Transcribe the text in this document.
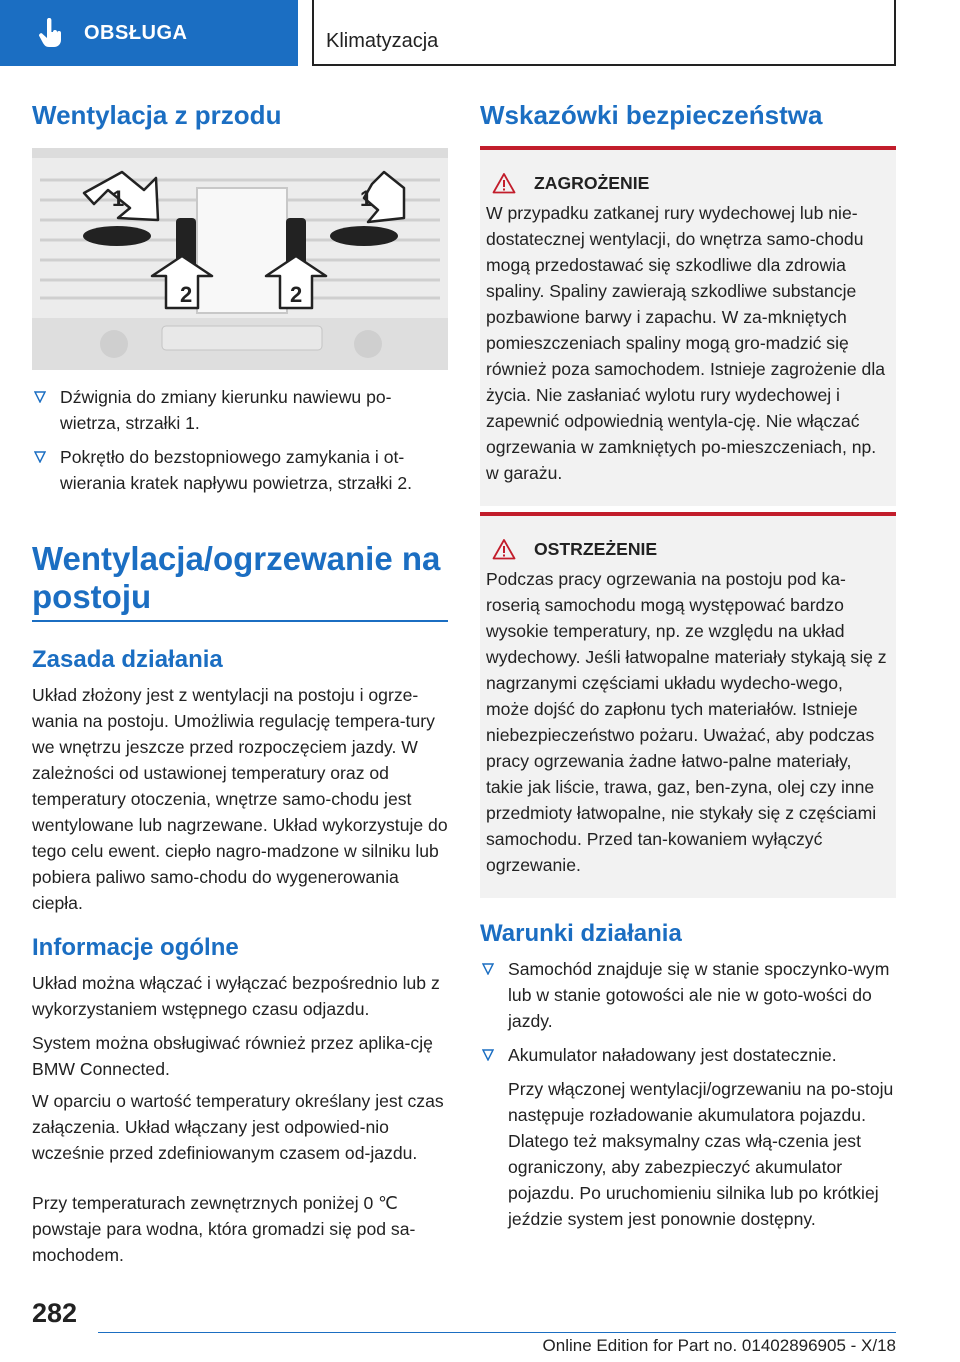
OBSŁUGA	Klimatyzacja
Wentylacja z przodu
1	1
2	2
Dźwignia do zmiany kierunku nawiewu po-wietrza, strzałki 1.
Pokrętło do bezstopniowego zamykania i ot-wierania kratek napływu powietrza, strzałki 2.
Wentylacja/ogrzewanie na postoju
Zasada działania

Układ złożony jest z wentylacji na postoju i ogrze-wania na postoju. Umożliwia regulację tempera-tury we wnętrzu jeszcze przed rozpoczęciem jazdy. W zależności od ustawionej temperatury oraz od temperatury otoczenia, wnętrze samo-chodu jest wentylowane lub nagrzewane. Układ wykorzystuje do tego celu ewent. ciepło nagro-madzone w silniku lub pobiera paliwo samo-chodu do wygenerowania ciepła.

Informacje ogólne

Układ można włączać i wyłączać bezpośrednio lub z wykorzystaniem wstępnego czasu odjazdu.

System można obsługiwać również przez aplika-cję BMW Connected.

W oparciu o wartość temperatury określany jest czas załączenia. Układ włączany jest odpowied-nio wcześnie przed zdefiniowanym czasem od-jazdu.

Przy temperaturach zewnętrznych poniżej 0 ℃ powstaje para wodna, która gromadzi się pod sa-mochodem.

Wskazówki bezpieczeństwa
ZAGROŻENIE

W przypadku zatkanej rury wydechowej lub nie-dostatecznej wentylacji, do wnętrza samo-chodu mogą przedostawać się szkodliwe dla zdrowia spaliny. Spaliny zawierają szkodliwe substancje pozbawione barwy i zapachu. W za-mkniętych pomieszczeniach spaliny mogą gro-madzić się również poza samochodem. Istnieje zagrożenie dla życia. Nie zasłaniać wylotu rury wydechowej i zapewnić odpowiednią wentyla-cję. Nie włączać ogrzewania w zamkniętych po-mieszczeniach, np. w garażu.

OSTRZEŻENIE

Podczas pracy ogrzewania na postoju pod ka-roserią samochodu mogą występować bardzo wysokie temperatury, np. ze względu na układ wydechowy. Jeśli łatwopalne materiały stykają się z nagrzanymi częściami układu wydecho-wego, może dojść do zapłonu tych materiałów. Istnieje niebezpieczeństwo pożaru. Uważać, aby podczas pracy ogrzewania żadne łatwo-palne materiały, takie jak liście, trawa, gaz, ben-zyna, olej czy inne przedmioty łatwopalne, nie stykały się z częściami samochodu. Przed tan-kowaniem wyłączyć ogrzewanie.

Warunki działania
Samochód znajduje się w stanie spoczynko-wym lub w stanie gotowości ale nie w goto-wości do jazdy.
Akumulator naładowany jest dostatecznie.
Przy włączonej wentylacji/ogrzewaniu na po-stoju następuje rozładowanie akumulatora pojazdu. Dlatego też maksymalny czas włą-czenia jest ograniczony, aby zabezpieczyć akumulator pojazdu. Po uruchomieniu silnika lub po krótkiej jeździe system jest ponownie dostępny.
282
Online Edition for Part no. 01402896905 - X/18
